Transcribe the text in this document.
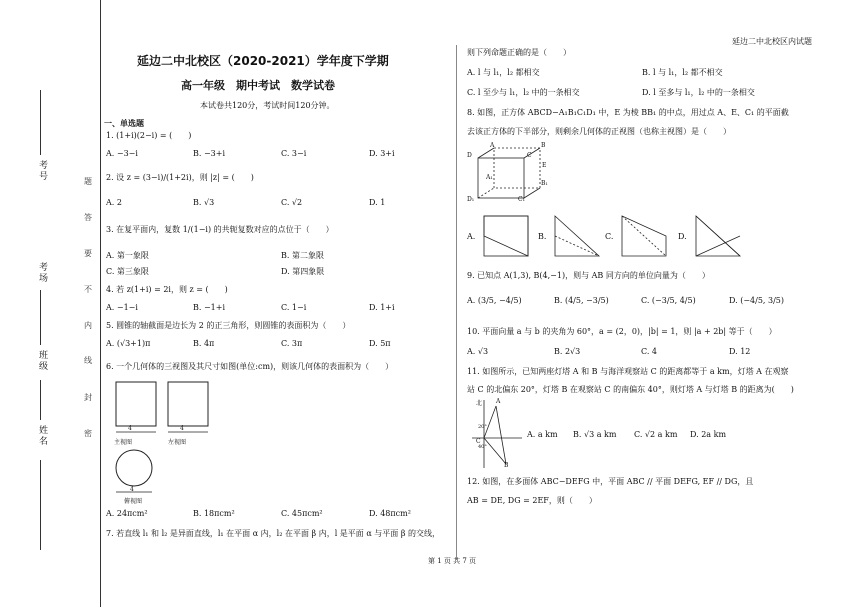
延边二中北校区内试题
考号
考场
班级
姓名
题
答
要
不
内
线
封
密
延边二中北校区（2020-2021）学年度下学期
高一年级　期中考试　数学试卷
本试卷共120分，考试时间120分钟。
一、单选题
1. (1+i)(2−i) = (　　)
A. −3−i	B. −3+i	C. 3−i	D. 3+i
2. 设 z = (3−i)/(1+2i)，则 |z| = (　　)
A. 2	B. √3	C. √2	D. 1
3. 在复平面内，复数 1/(1−i) 的共轭复数对应的点位于（　　）
A. 第一象限	B. 第二象限
C. 第三象限	D. 第四象限
4. 若 z(1+i) = 2i，则 z = (　　)
A. −1−i	B. −1+i	C. 1−i	D. 1+i
5. 圆锥的轴截面是边长为 2 的正三角形，则圆锥的表面积为（　　）
A. (√3+1)π	B. 4π	C. 3π	D. 5π
6. 一个几何体的三视图及其尺寸如图(单位:cm)，则该几何体的表面积为（　　）
主视图	左视图
俯视图
4	4
4
A. 24πcm²	B. 18πcm²	C. 45πcm²	D. 48πcm²
7. 若直线 l₁ 和 l₂ 是异面直线，l₁ 在平面 α 内，l₂ 在平面 β 内，l 是平面 α 与平面 β 的交线，
则下列命题正确的是（　　）
A. l 与 l₁，l₂ 都相交	B. l 与 l₁，l₂ 都不相交
C. l 至少与 l₁，l₂ 中的一条相交	D. l 至多与 l₁，l₂ 中的一条相交
8. 如图，正方体 ABCD−A₁B₁C₁D₁ 中，E 为棱 BB₁ 的中点，用过点 A、E、C₁ 的平面截
去该正方体的下半部分，则剩余几何体的正视图（也称主视图）是（　　）
D
A
C
B
E
A₁
B₁
D₁	C₁
A.	B.	C.	D.
9. 已知点 A(1,3), B(4,−1)，则与 AB 同方向的单位向量为（　　）
A. (3/5, −4/5)	B. (4/5, −3/5)	C. (−3/5, 4/5)	D. (−4/5, 3/5)
10. 平面向量 a 与 b 的夹角为 60°，a = (2，0)，|b| = 1，则 |a + 2b| 等于（　　）
A. √3	B. 2√3	C. 4	D. 12
11. 如图所示，已知两座灯塔 A 和 B 与海洋观察站 C 的距离都等于 a km，灯塔 A 在观察
站 C 的北偏东 20°，灯塔 B 在观察站 C 的南偏东 40°，则灯塔 A 与灯塔 B 的距离为(　　)
北
20°
40°
A
B
C
A. a km B. √3 a km C. √2 a km D. 2a km
12. 如图，在多面体 ABC−DEFG 中，平面 ABC // 平面 DEFG, EF // DG，且
AB = DE, DG = 2EF，则（　　）
第 1 页 共 7 页
